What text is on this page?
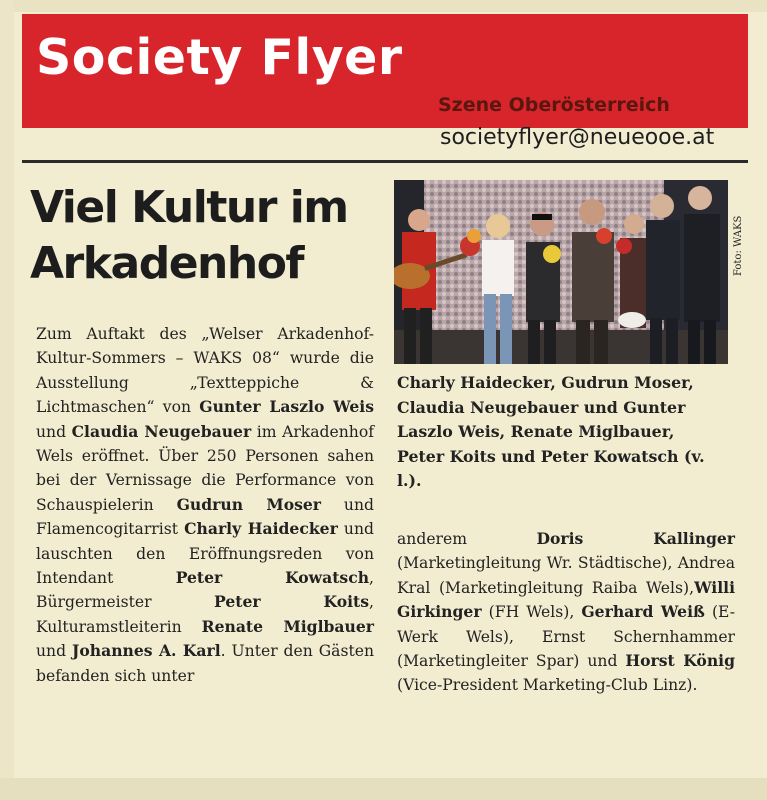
Society Flyer
Szene Oberösterreich
societyflyer@neueooe.at
Viel Kultur im Arkadenhof	Foto: WAKS
Charly Haidecker, Gudrun Moser, Claudia Neugebauer und Gunter Laszlo Weis, Renate Miglbauer, Peter Koits und Peter Kowatsch (v. l.).
Zum Auftakt des „Welser Arkadenhof-Kultur-Sommers – WAKS 08“ wurde die Ausstellung „Textteppiche & Lichtmaschen“ von Gunter Laszlo Weis und Claudia Neugebauer im Arkadenhof Wels eröffnet. Über 250 Personen sahen bei der Vernissage die Performance von Schauspielerin Gudrun Moser und Flamencogitarrist Charly Haidecker und lauschten den Eröffnungsreden von Intendant Peter Kowatsch, Bürgermeister Peter Koits, Kulturamstleiterin Renate Miglbauer und Johannes A. Karl. Unter den Gästen befanden sich unter
anderem Doris Kallinger (Marketingleitung Wr. Städtische), Andrea Kral (Marketingleitung Raiba Wels),Willi Girkinger (FH Wels), Gerhard Weiß (E-Werk Wels), Ernst Schernhammer (Marketingleiter Spar) und Horst König (Vice-President Marketing-Club Linz).
